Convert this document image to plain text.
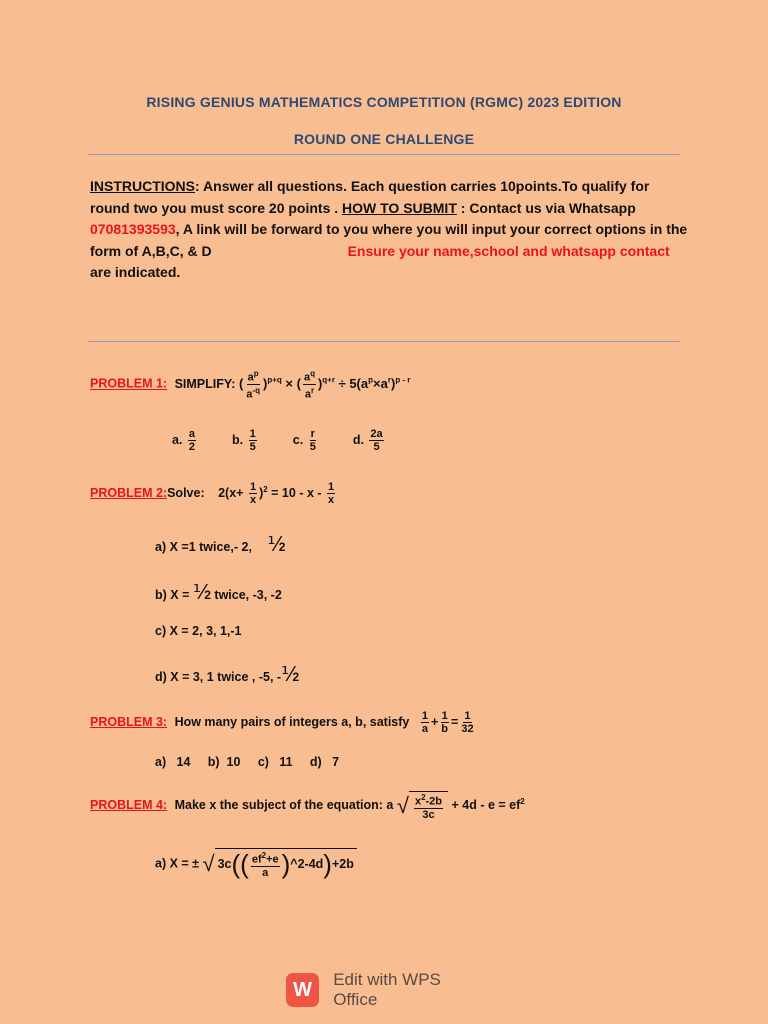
RISING GENIUS MATHEMATICS COMPETITION (RGMC) 2023 EDITION
ROUND ONE CHALLENGE
INSTRUCTIONS: Answer all questions. Each question carries 10points.To qualify for round two you must score 20 points . HOW TO SUBMIT : Contact us via Whatsapp 07081393593, A link will be forward to you where you will input your correct options in the form of A,B,C, & D	Ensure your name,school and whatsapp contact are indicated.
PROBLEM 1: SIMPLIFY: ( $\frac{a^p}{a^{-q}} )^{p+q}$ × ( $\frac{a^q}{a^r} )^{q+r} \div 5(a^p\times a^r)^{p - r}$
a. $\frac{a}{2}$	b. $\frac{1}{5}$	c. $\frac{r}{5}$	d. $\frac{2a}{5}$
PROBLEM 2:Solve: $2(x+ \frac{1}{x} )^2 = 10 - x - \frac{1}{x}$
a) X =1 twice,- 2, ⅟2
b) X = ⅟2 twice, -3, -2
c) X = 2, 3, 1,-1
d) X = 3, 1 twice , -5, -⅟2
PROBLEM 3: How many pairs of integers a, b, satisfy $\frac{1}{a} + \frac{1}{b} = \frac{1}{32}$
a)   14     b)  10     c)   11     d)   7
PROBLEM 4: Make x the subject of the equation: a √ $\frac{x^2-2b}{3c} + 4d - e = ef^2$
a) X = ± √ $3c(( \frac{ef^2+e}{a}$ )^2-4d)+2b
W	Edit with WPS Office
